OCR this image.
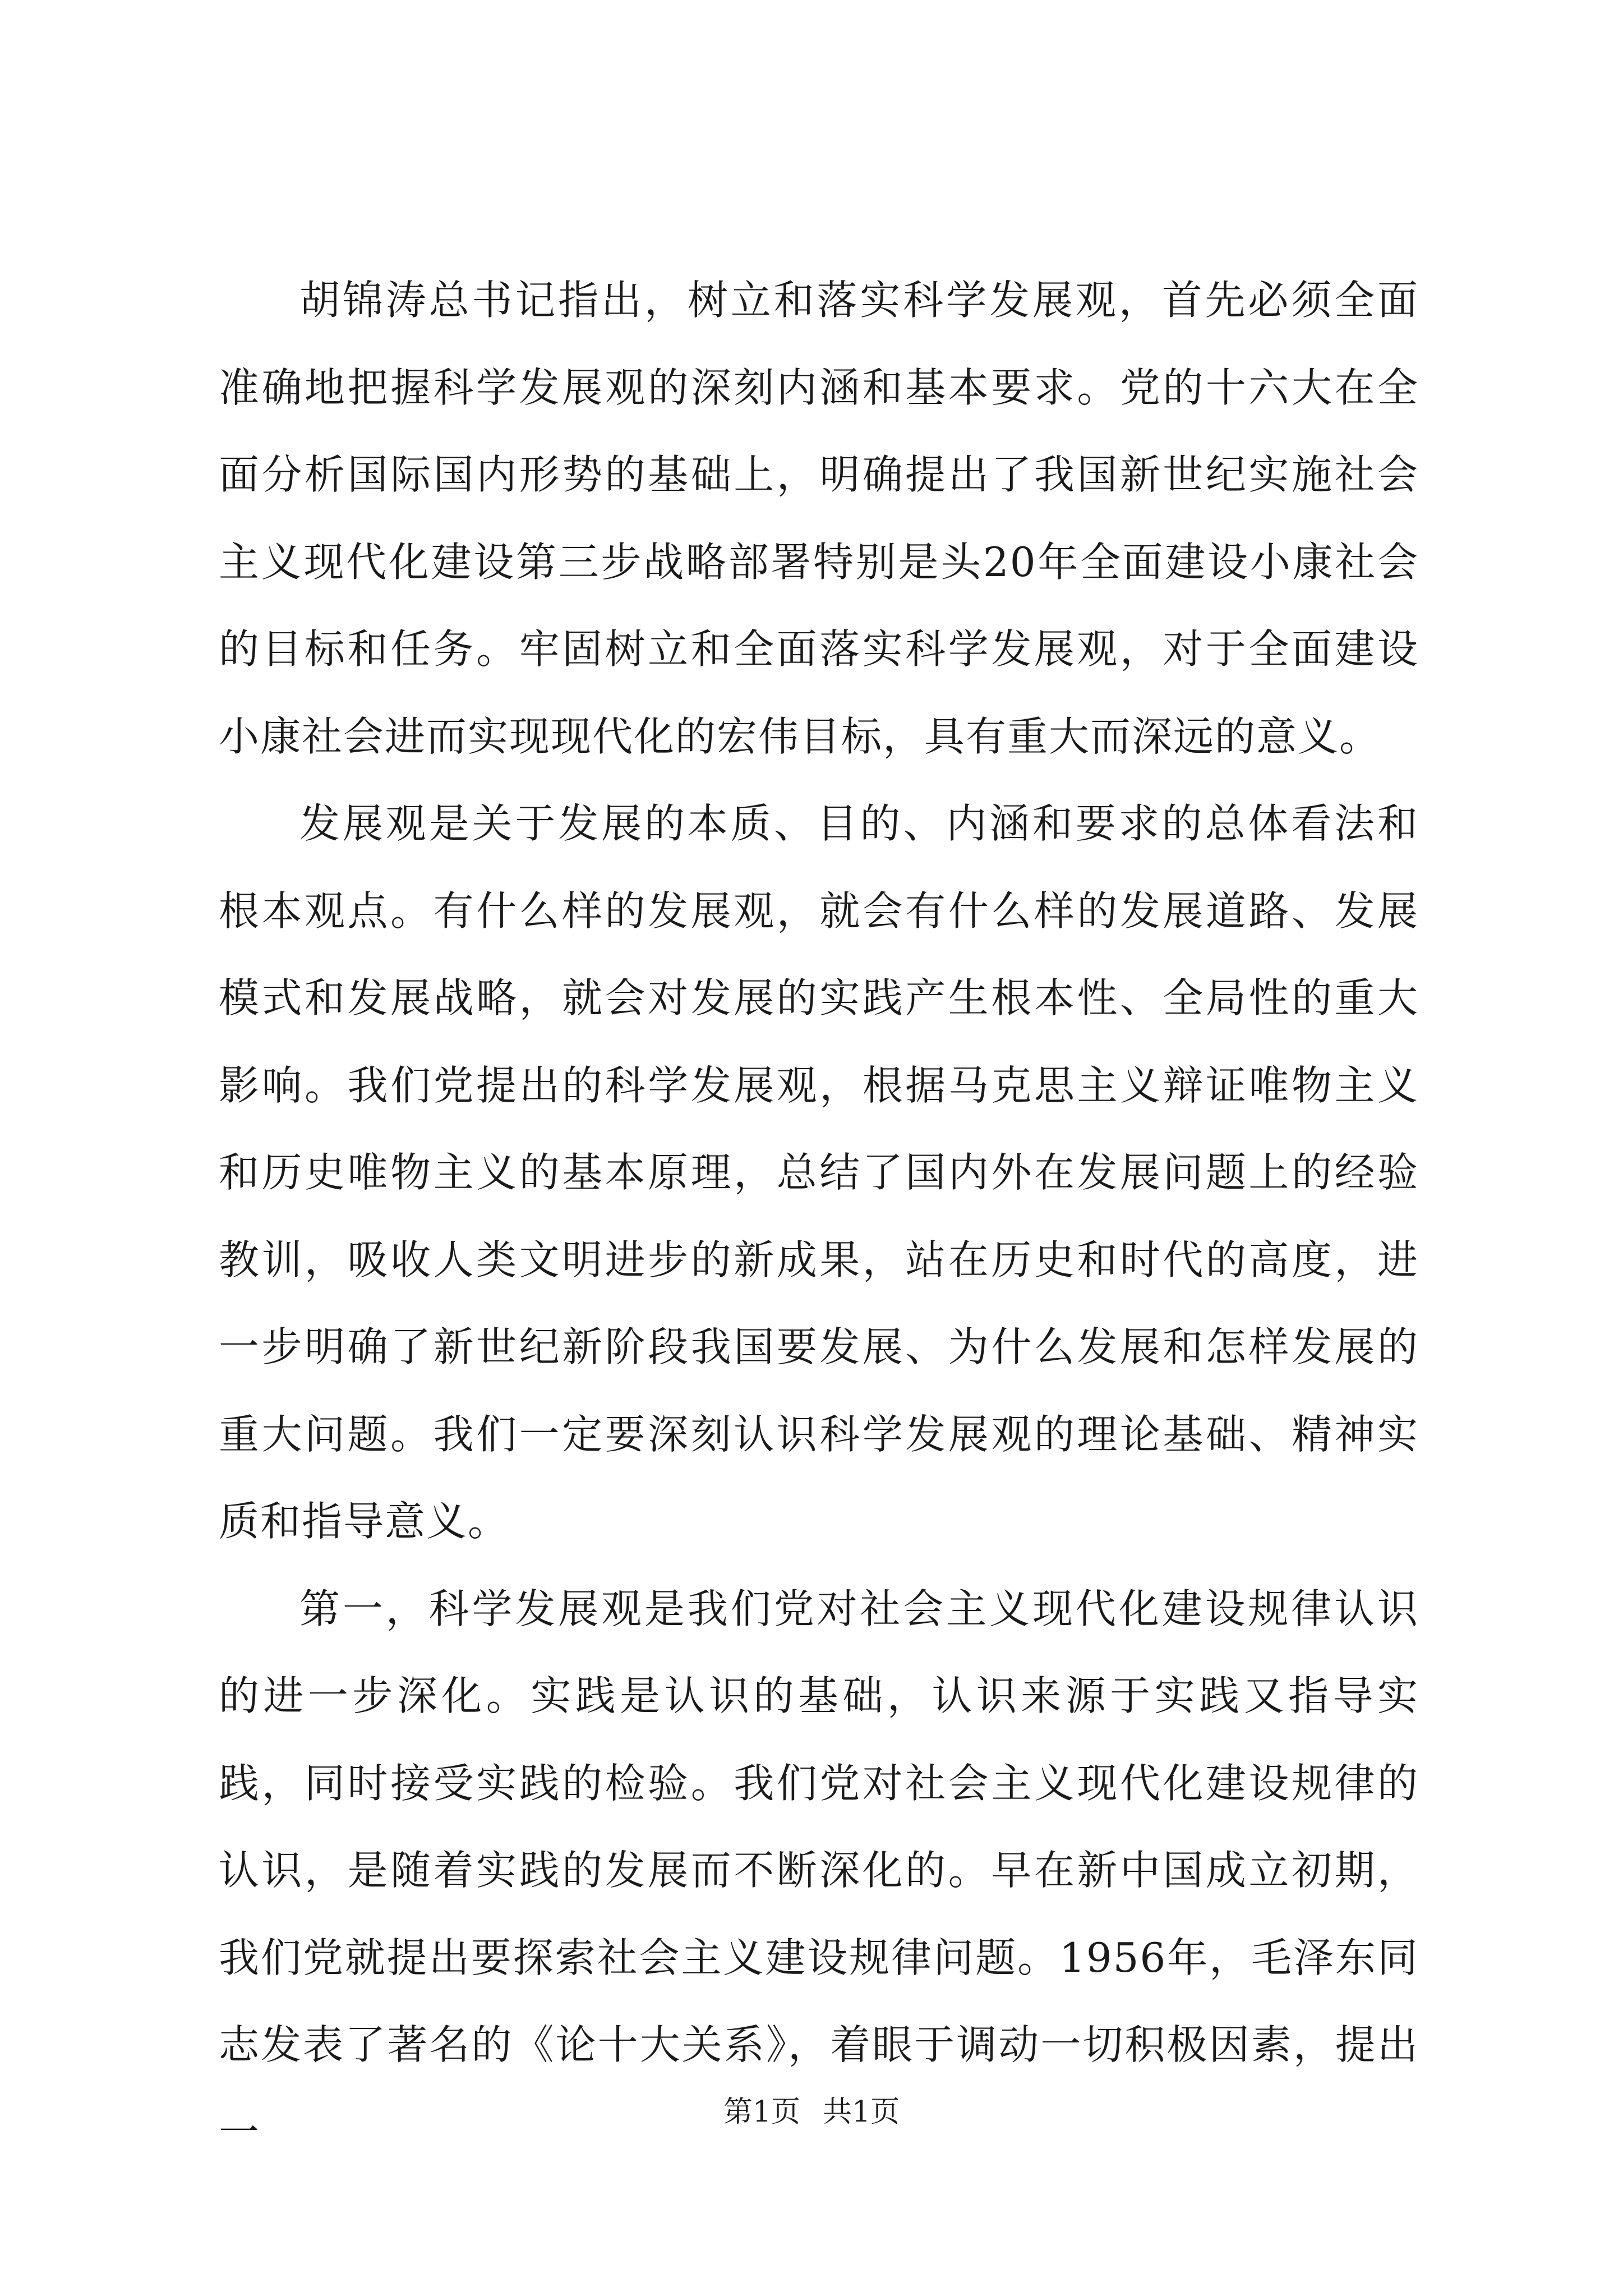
胡锦涛总书记指出，树立和落实科学发展观，首先必须全面准确地把握科学发展观的深刻内涵和基本要求。党的十六大在全面分析国际国内形势的基础上，明确提出了我国新世纪实施社会主义现代化建设第三步战略部署特别是头20年全面建设小康社会的目标和任务。牢固树立和全面落实科学发展观，对于全面建设小康社会进而实现现代化的宏伟目标，具有重大而深远的意义。

发展观是关于发展的本质、目的、内涵和要求的总体看法和根本观点。有什么样的发展观，就会有什么样的发展道路、发展模式和发展战略，就会对发展的实践产生根本性、全局性的重大影响。我们党提出的科学发展观，根据马克思主义辩证唯物主义和历史唯物主义的基本原理，总结了国内外在发展问题上的经验教训，吸收人类文明进步的新成果，站在历史和时代的高度，进一步明确了新世纪新阶段我国要发展、为什么发展和怎样发展的重大问题。我们一定要深刻认识科学发展观的理论基础、精神实质和指导意义。

第一，科学发展观是我们党对社会主义现代化建设规律认识的进一步深化。实践是认识的基础，认识来源于实践又指导实践，同时接受实践的检验。我们党对社会主义现代化建设规律的认识，是随着实践的发展而不断深化的。早在新中国成立初期，我们党就提出要探索社会主义建设规律问题。1956年，毛泽东同志发表了著名的《论十大关系》，着眼于调动一切积极因素，提出一	第1页 共1页
